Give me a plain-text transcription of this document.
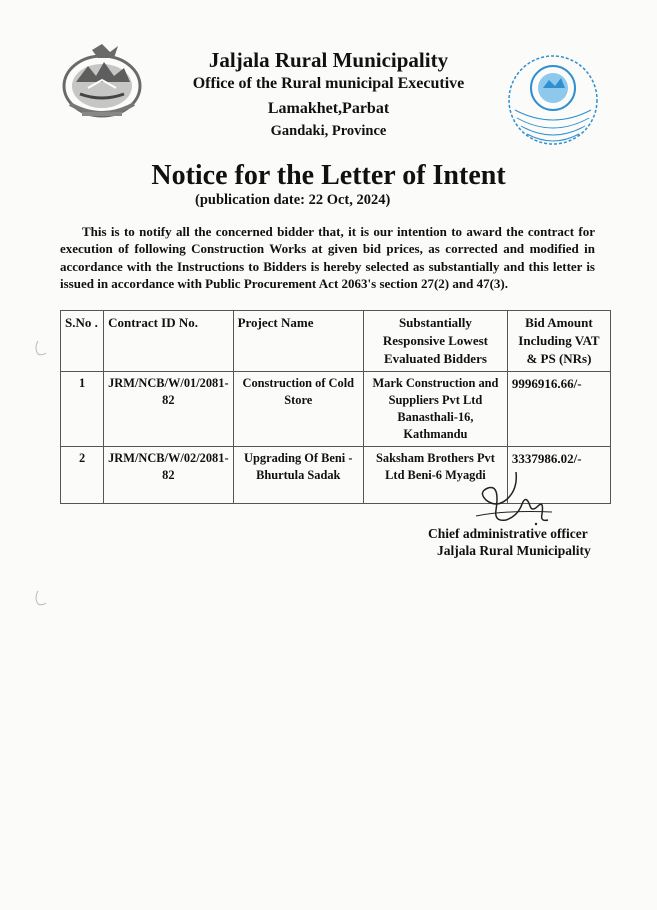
Jaljala Rural Municipality
Office of the Rural municipal Executive
Lamakhet,Parbat
Gandaki, Province
Notice for the Letter of Intent
(publication date: 22 Oct, 2024)
This is to notify all the concerned bidder that, it is our intention to award the contract for execution of following Construction Works at given bid prices, as corrected and modified in accordance with the Instructions to Bidders is hereby selected as substantially and this letter is issued in accordance with Public Procurement Act 2063's section 27(2) and 47(3).
S.No .	Contract ID No.	Project Name	Substantially Responsive Lowest Evaluated Bidders	Bid Amount Including VAT & PS (NRs)
1	JRM/NCB/W/01/2081-82	Construction of Cold Store	Mark Construction and Suppliers Pvt Ltd Banasthali-16, Kathmandu	9996916.66/-
2	JRM/NCB/W/02/2081-82	Upgrading Of Beni - Bhurtula Sadak	Saksham Brothers Pvt Ltd Beni-6 Myagdi	3337986.02/-
Chief administrative officer
Jaljala Rural Municipality
